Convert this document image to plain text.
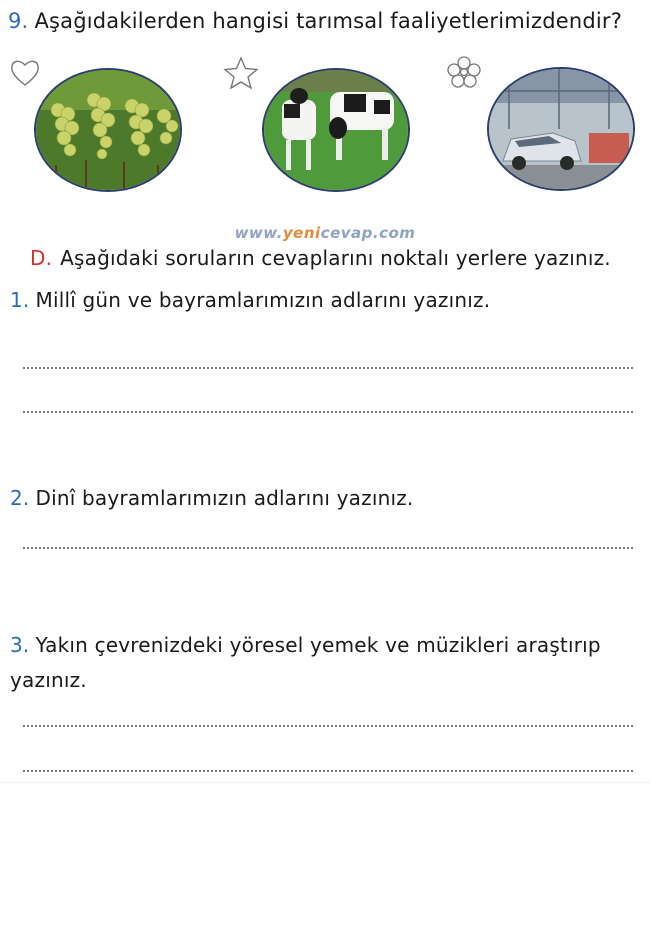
9. Aşağıdakilerden hangisi tarımsal faaliyetlerimizdendir?
www.yenicevap.com
D. Aşağıdaki soruların cevaplarını noktalı yerlere yazınız.
1. Millî gün ve bayramlarımızın adlarını yazınız.
2. Dinî bayramlarımızın adlarını yazınız.
3. Yakın çevrenizdeki yöresel yemek ve müzikleri araştırıp
yazınız.
